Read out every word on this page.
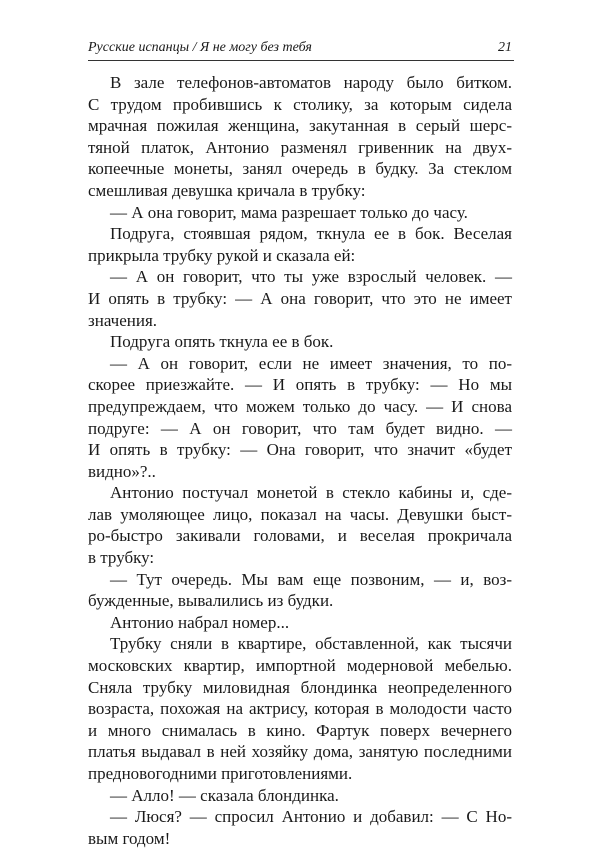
Русские испанцы / Я не могу без тебя	21
В зале телефонов-автоматов народу было битком.
С трудом пробившись к столику, за которым сидела
мрачная пожилая женщина, закутанная в серый шерс-
тяной платок, Антонио разменял гривенник на двух-
копеечные монеты, занял очередь в будку. За стеклом
смешливая девушка кричала в трубку:
— А она говорит, мама разрешает только до часу.
Подруга, стоявшая рядом, ткнула ее в бок. Веселая
прикрыла трубку рукой и сказала ей:
— А он говорит, что ты уже взрослый человек. —
И опять в трубку: — А она говорит, что это не имеет
значения.
Подруга опять ткнула ее в бок.
— А он говорит, если не имеет значения, то по-
скорее приезжайте. — И опять в трубку: — Но мы
предупреждаем, что можем только до часу. — И снова
подруге: — А он говорит, что там будет видно. —
И опять в трубку: — Она говорит, что значит «будет
видно»?..
Антонио постучал монетой в стекло кабины и, сде-
лав умоляющее лицо, показал на часы. Девушки быст-
ро-быстро закивали головами, и веселая прокричала
в трубку:
— Тут очередь. Мы вам еще позвоним, — и, воз-
бужденные, вывалились из будки.
Антонио набрал номер...
Трубку сняли в квартире, обставленной, как тысячи
московских квартир, импортной модерновой мебелью.
Сняла трубку миловидная блондинка неопределенного
возраста, похожая на актрису, которая в молодости часто
и много снималась в кино. Фартук поверх вечернего
платья выдавал в ней хозяйку дома, занятую последними
предновогодними приготовлениями.
— Алло! — сказала блондинка.
— Люся? — спросил Антонио и добавил: — С Но-
вым годом!
